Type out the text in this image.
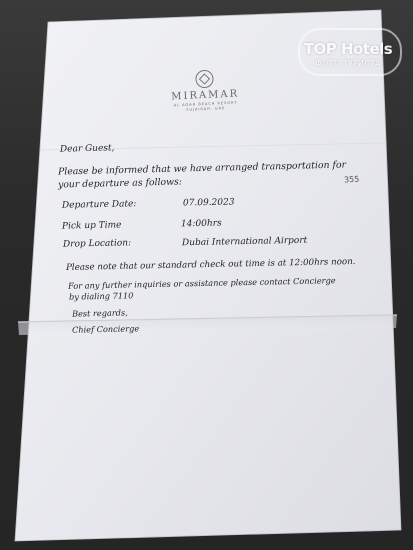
TOP Hotels
ФОТО ТУРИСТА
355
MIRAMAR
AL AQAH BEACH RESORT
FUJAIRAH, UAE
Dear Guest,
Please be informed that we have arranged transportation for
your departure as follows:
Departure Date:	07.09.2023
Pick up Time	14:00hrs
Drop Location:	Dubai International Airport
Please note that our standard check out time is at 12:00hrs noon.
For any further inquiries or assistance please contact Concierge
by dialing 7110
Best regards,
Chief Concierge
